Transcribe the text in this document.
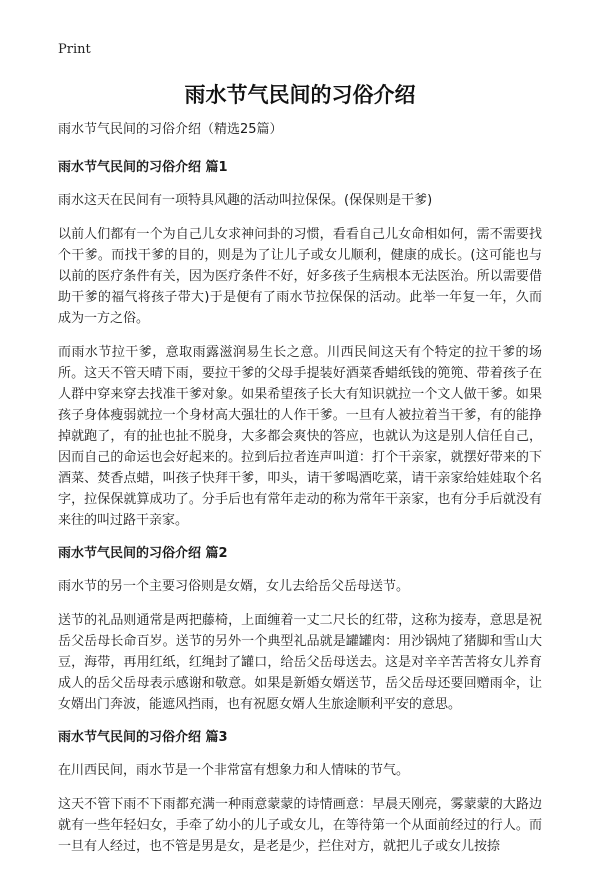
Print
雨水节气民间的习俗介绍
雨水节气民间的习俗介绍（精选25篇）
雨水节气民间的习俗介绍 篇1

雨水这天在民间有一项特具风趣的活动叫拉保保。(保保则是干爹)

以前人们都有一个为自己儿女求神问卦的习惯，看看自己儿女命相如何，需不需要找个干爹。而找干爹的目的，则是为了让儿子或女儿顺利，健康的成长。(这可能也与以前的医疗条件有关，因为医疗条件不好，好多孩子生病根本无法医治。所以需要借助干爹的福气将孩子带大)于是便有了雨水节拉保保的活动。此举一年复一年，久而成为一方之俗。

而雨水节拉干爹，意取雨露滋润易生长之意。川西民间这天有个特定的拉干爹的场所。这天不管天晴下雨，要拉干爹的父母手提装好酒菜香蜡纸钱的篼篼、带着孩子在人群中穿来穿去找准干爹对象。如果希望孩子长大有知识就拉一个文人做干爹。如果孩子身体瘦弱就拉一个身材高大强壮的人作干爹。一旦有人被拉着当干爹，有的能挣掉就跑了，有的扯也扯不脱身，大多都会爽快的答应，也就认为这是别人信任自己，因而自己的命运也会好起来的。拉到后拉者连声叫道：打个干亲家，就摆好带来的下酒菜、焚香点蜡，叫孩子快拜干爹，叩头，请干爹喝酒吃菜，请干亲家给娃娃取个名字，拉保保就算成功了。分手后也有常年走动的称为常年干亲家，也有分手后就没有来往的叫过路干亲家。

雨水节气民间的习俗介绍 篇2

雨水节的另一个主要习俗则是女婿，女儿去给岳父岳母送节。

送节的礼品则通常是两把藤椅，上面缠着一丈二尺长的红带，这称为接寿，意思是祝岳父岳母长命百岁。送节的另外一个典型礼品就是罐罐肉：用沙锅炖了猪脚和雪山大豆，海带，再用红纸，红绳封了罐口，给岳父岳母送去。这是对辛辛苦苦将女儿养育成人的岳父岳母表示感谢和敬意。如果是新婚女婿送节，岳父岳母还要回赠雨伞，让女婿出门奔波，能遮风挡雨，也有祝愿女婿人生旅途顺利平安的意思。

雨水节气民间的习俗介绍 篇3

在川西民间，雨水节是一个非常富有想象力和人情味的节气。

这天不管下雨不下雨都充满一种雨意蒙蒙的诗情画意：早晨天刚亮，雾蒙蒙的大路边就有一些年轻妇女，手牵了幼小的儿子或女儿，在等待第一个从面前经过的行人。而一旦有人经过，也不管是男是女，是老是少，拦住对方，就把儿子或女儿按捺
